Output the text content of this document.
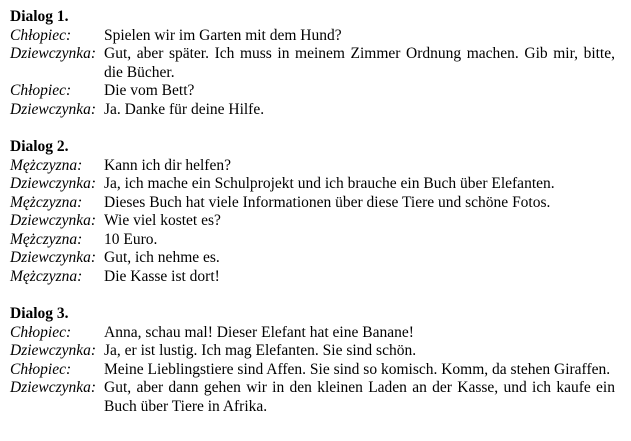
Dialog 1.
Chłopiec:	Spielen wir im Garten mit dem Hund?
Dziewczynka: Gut, aber später. Ich muss in meinem Zimmer Ordnung machen. Gib mir, bitte, die Bücher.
Chłopiec:	Die vom Bett?
Dziewczynka: Ja. Danke für deine Hilfe.
Dialog 2.
Mężczyzna:	Kann ich dir helfen?
Dziewczynka: Ja, ich mache ein Schulprojekt und ich brauche ein Buch über Elefanten.
Mężczyzna:	Dieses Buch hat viele Informationen über diese Tiere und schöne Fotos.
Dziewczynka: Wie viel kostet es?
Mężczyzna:	10 Euro.
Dziewczynka: Gut, ich nehme es.
Mężczyzna:	Die Kasse ist dort!
Dialog 3.
Chłopiec:	Anna, schau mal! Dieser Elefant hat eine Banane!
Dziewczynka: Ja, er ist lustig. Ich mag Elefanten. Sie sind schön.
Chłopiec:	Meine Lieblingstiere sind Affen. Sie sind so komisch. Komm, da stehen Giraffen.
Dziewczynka: Gut, aber dann gehen wir in den kleinen Laden an der Kasse, und ich kaufe ein Buch über Tiere in Afrika.
